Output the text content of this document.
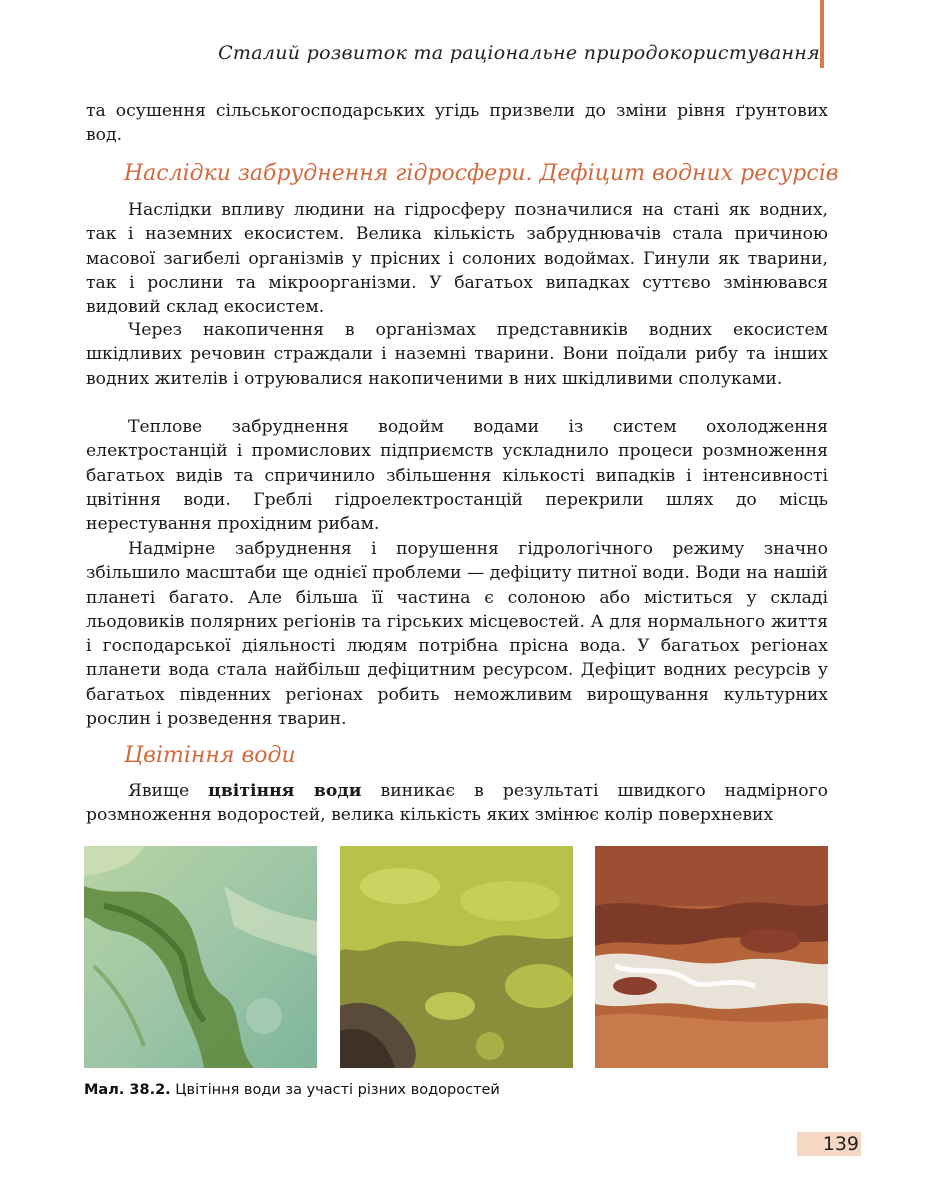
Сталий розвиток та раціональне природокористування

та осушення сільськогосподарських угідь призвели до зміни рівня ґрунтових вод.

Наслідки забруднення гідросфери. Дефіцит водних ресурсів

Наслідки впливу людини на гідросферу позначилися на стані як водних, так і наземних екосистем. Велика кількість забруднювачів стала причиною масової загибелі організмів у прісних і солоних водоймах. Гинули як тварини, так і рослини та мікроорганізми. У багатьох випадках суттєво змінювався видовий склад екосистем.

Через накопичення в організмах представників водних екосистем шкідливих речовин страждали і наземні тварини. Вони поїдали рибу та інших водних жителів і отруювалися накопиченими в них шкідливими сполуками.

Теплове забруднення водойм водами із систем охолодження електростанцій і промислових підприємств ускладнило процеси розмноження багатьох видів та спричинило збільшення кількості випадків і інтенсивності цвітіння води. Греблі гідроелектростанцій перекрили шлях до місць нерестування прохідним рибам.

Надмірне забруднення і порушення гідрологічного режиму значно збільшило масштаби ще однієї проблеми — дефіциту питної води. Води на нашій планеті багато. Але більша її частина є солоною або міститься у складі льодовиків полярних регіонів та гірських місцевостей. А для нормального життя і господарської діяльності людям потрібна прісна вода. У багатьох регіонах планети вода стала найбільш дефіцитним ресурсом. Дефіцит водних ресурсів у багатьох південних регіонах робить неможливим вирощування культурних рослин і розведення тварин.

Цвітіння води

Явище цвітіння води виникає в результаті швидкого надмірного розмноження водоростей, велика кількість яких змінює колір поверхневих

Мал. 38.2. Цвітіння води за участі різних водоростей
139
